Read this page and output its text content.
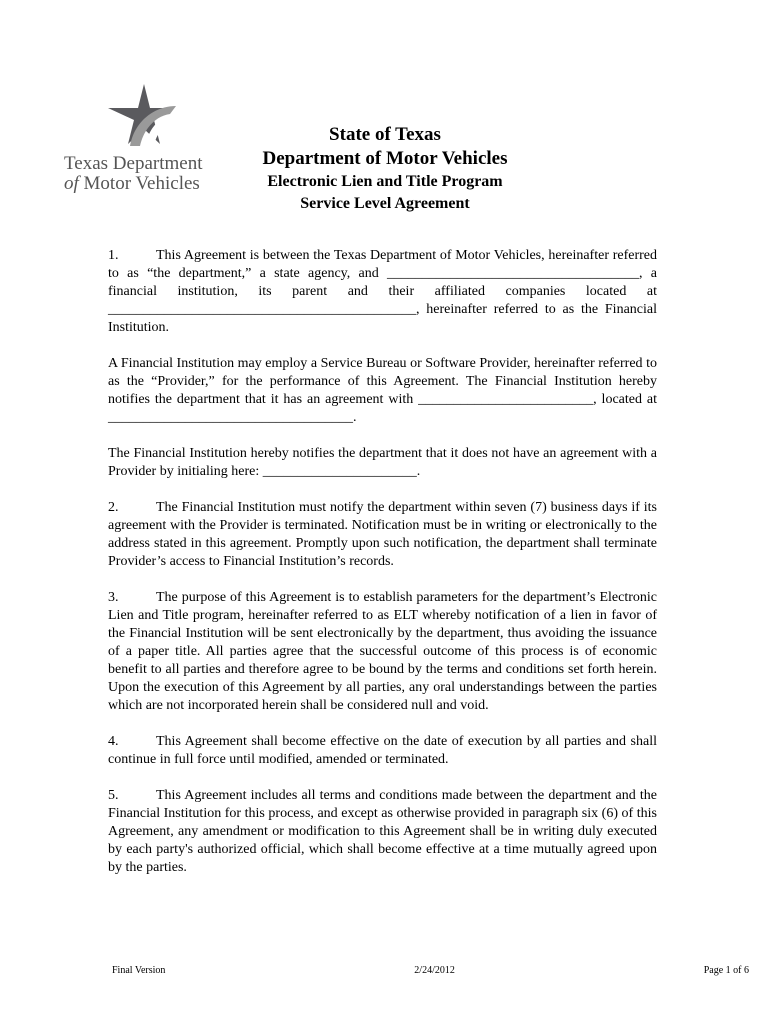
Texas Department
of Motor Vehicles
State of Texas
Department of Motor Vehicles
Electronic Lien and Title Program
Service Level Agreement

1.	This Agreement is between the Texas Department of Motor Vehicles, hereinafter referred to as “the department,” a state agency, and ____________________________________, a financial institution, its parent and their affiliated companies located at ____________________________________________, hereinafter referred to as the Financial Institution.

A Financial Institution may employ a Service Bureau or Software Provider, hereinafter referred to as the “Provider,” for the performance of this Agreement. The Financial Institution hereby notifies the department that it has an agreement with _________________________, located at ___________________________________.

The Financial Institution hereby notifies the department that it does not have an agreement with a Provider by initialing here: ______________________.

2.	The Financial Institution must notify the department within seven (7) business days if its agreement with the Provider is terminated. Notification must be in writing or electronically to the address stated in this agreement. Promptly upon such notification, the department shall terminate Provider’s access to Financial Institution’s records.

3.	The purpose of this Agreement is to establish parameters for the department’s Electronic Lien and Title program, hereinafter referred to as ELT whereby notification of a lien in favor of the Financial Institution will be sent electronically by the department, thus avoiding the issuance of a paper title. All parties agree that the successful outcome of this process is of economic benefit to all parties and therefore agree to be bound by the terms and conditions set forth herein. Upon the execution of this Agreement by all parties, any oral understandings between the parties which are not incorporated herein shall be considered null and void.

4.	This Agreement shall become effective on the date of execution by all parties and shall continue in full force until modified, amended or terminated.

5.	This Agreement includes all terms and conditions made between the department and the Financial Institution for this process, and except as otherwise provided in paragraph six (6) of this Agreement, any amendment or modification to this Agreement shall be in writing duly executed by each party's authorized official, which shall become effective at a time mutually agreed upon by the parties.

Final Version	2/24/2012	Page 1 of 6
